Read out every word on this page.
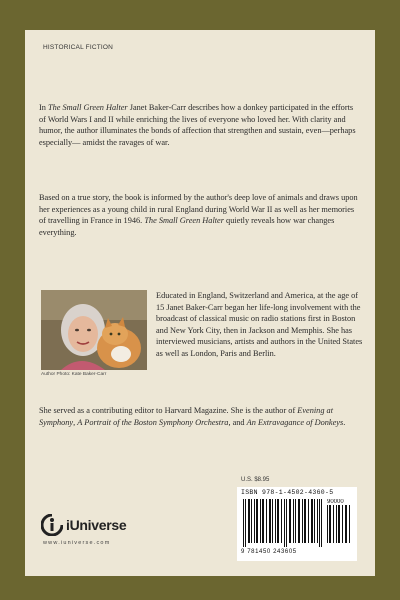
HISTORICAL FICTION

In The Small Green Halter Janet Baker-Carr describes how a donkey participated in the efforts of World Wars I and II while enriching the lives of everyone who loved her. With clarity and humor, the author illuminates the bonds of affection that strengthen and sustain, even—perhaps especially— amidst the ravages of war.

Based on a true story, the book is informed by the author's deep love of animals and draws upon her experiences as a young child in rural England during World War II as well as her memories of travelling in France in 1946. The Small Green Halter quietly reveals how war changes everything.

Author Photo: Kate Baker-Carr

Educated in England, Switzerland and America, at the age of 15 Janet Baker-Carr began her life-long involvement with the broadcast of classical music on radio stations first in Boston and New York City, then in Jackson and Memphis. She has interviewed musicians, artists and authors in the United States as well as London, Paris and Berlin.

She served as a contributing editor to Harvard Magazine. She is the author of Evening at Symphony, A Portrait of the Boston Symphony Orchestra, and An Extravagance of Donkeys.

U.S. $8.95
ISBN 978-1-4502-4360-5
90000
9 781450 243605
iUniverse
www.iuniverse.com
